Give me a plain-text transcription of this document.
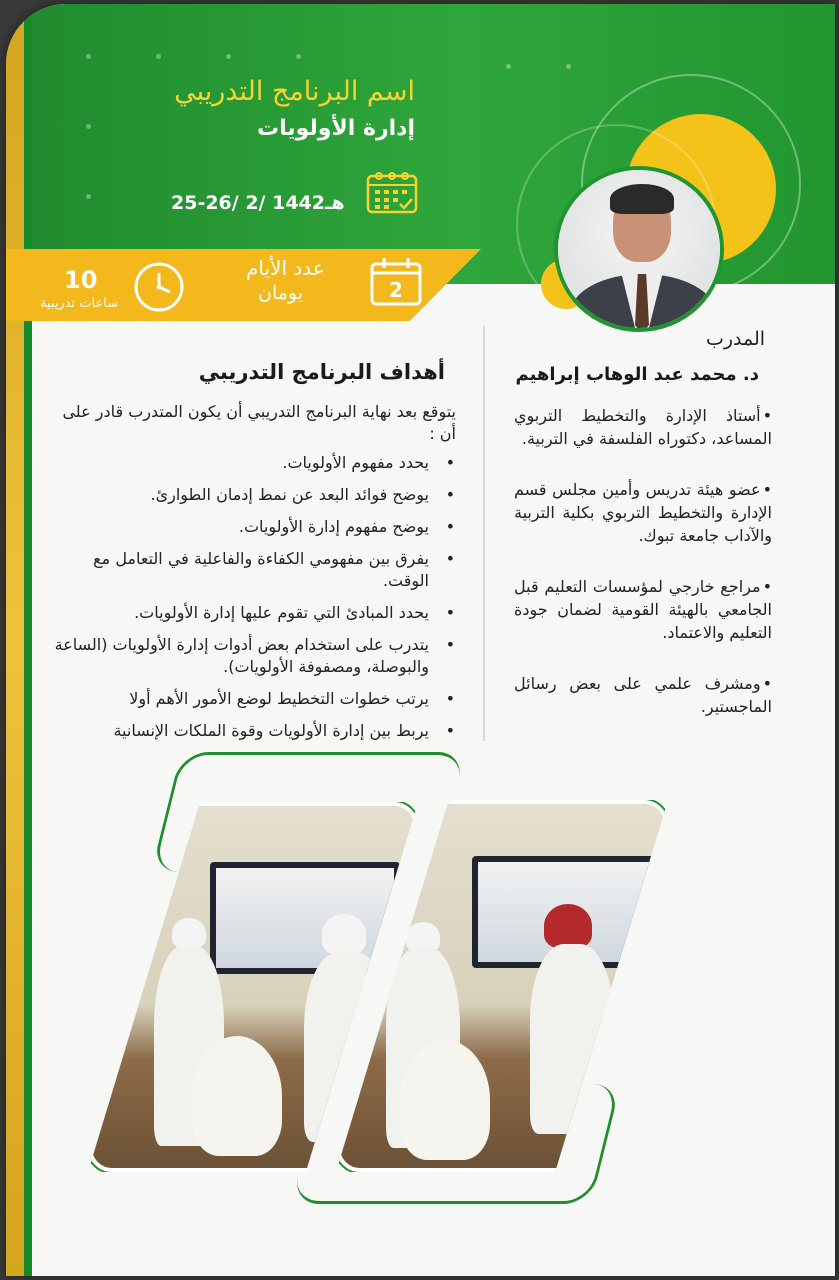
اسم البرنامج التدريبي
إدارة الأولويات
25-26/ 2/ 1442هـ
2
عدد الأيام
يومان
10
ساعات تدريبية
المدرب
د. محمد عبد الوهاب إبراهيم
• أستاذ الإدارة والتخطيط التربوي المساعد، دكتوراه الفلسفة في التربية.
• عضو هيئة تدريس وأمين مجلس قسم الإدارة والتخطيط التربوي بكلية التربية والآداب جامعة تبوك.
• مراجع خارجي لمؤسسات التعليم قبل الجامعي بالهيئة القومية لضمان جودة التعليم والاعتماد.
• ومشرف علمي على بعض رسائل الماجستير.
أهداف البرنامج التدريبي
يتوقع بعد نهاية البرنامج التدريبي أن يكون المتدرب قادر على أن :
• يحدد مفهوم الأولويات.
• يوضح فوائد البعد عن نمط إدمان الطوارئ.
• يوضح مفهوم إدارة الأولويات.
• يفرق بين مفهومي الكفاءة والفاعلية في التعامل مع الوقت.
• يحدد المبادئ التي تقوم عليها إدارة الأولويات.
• يتدرب على استخدام بعض أدوات إدارة الأولويات (الساعة والبوصلة، ومصفوفة الأولويات).
• يرتب خطوات التخطيط لوضع الأمور الأهم أولا
• يربط بين إدارة الأولويات وقوة الملكات الإنسانية
